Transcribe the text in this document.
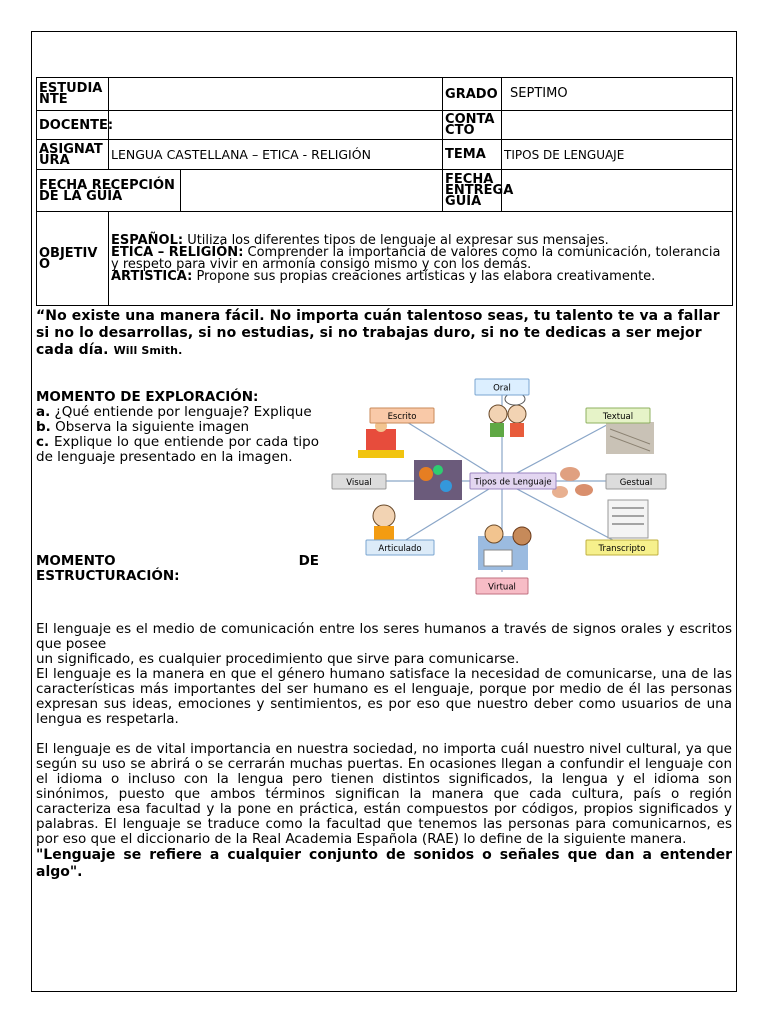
ESTUDIANTE			GRADO	SEPTIMO
DOCENTE:			CONTACTO	
ASIGNATURA	LENGUA CASTELLANA – ETICA - RELIGIÓN		TEMA	TIPOS DE LENGUAJE
FECHA RECEPCIÓN DE LA GUÍA			FECHA ENTREGA GUÍA	
OBJETIVO	ESPAÑOL: Utiliza los diferentes tipos de lenguaje al expresar sus mensajes.
ETICA – RELIGIÓN: Comprender la importancia de valores como la comunicación, tolerancia y respeto para vivir en armonía consigo mismo y con los demás.
ARTISTICA: Propone sus propias creaciones artísticas y las elabora creativamente.			
“No existe una manera fácil. No importa cuán talentoso seas, tu talento te va a fallar si no lo desarrollas, si no estudias, si no trabajas duro, si no te dedicas a ser mejor cada día. Will Smith.
MOMENTO DE EXPLORACIÓN:
a. ¿Qué entiende por lenguaje? Explique
b. Observa la siguiente imagen
c. Explique lo que entiende por cada tipo de lenguaje presentado en la imagen.
MOMENTO	DE

ESTRUCTURACIÓN:
Oral
Escrito	Textual
Visual	Tipos de Lenguaje	Gestual
Articulado	Transcripto
Virtual

El lenguaje es el medio de comunicación entre los seres humanos a través de signos orales y escritos que posee

un significado, es cualquier procedimiento que sirve para comunicarse.

El lenguaje es la manera en que el género humano satisface la necesidad de comunicarse, una de las características más importantes del ser humano es el lenguaje, porque por medio de él las personas expresan sus ideas, emociones y sentimientos, es por eso que nuestro deber como usuarios de una lengua es respetarla.

El lenguaje es de vital importancia en nuestra sociedad, no importa cuál nuestro nivel cultural, ya que según su uso se abrirá o se cerrarán muchas puertas. En ocasiones llegan a confundir el lenguaje con el idioma o incluso con la lengua pero tienen distintos significados, la lengua y el idioma son sinónimos, puesto que ambos términos significan la manera que cada cultura, país o región caracteriza esa facultad y la pone en práctica, están compuestos por códigos, propios significados y palabras. El lenguaje se traduce como la facultad que tenemos las personas para comunicarnos, es por eso que el diccionario de la Real Academia Española (RAE) lo define de la siguiente manera.

"Lenguaje se refiere a cualquier conjunto de sonidos o señales que dan a entender algo".
